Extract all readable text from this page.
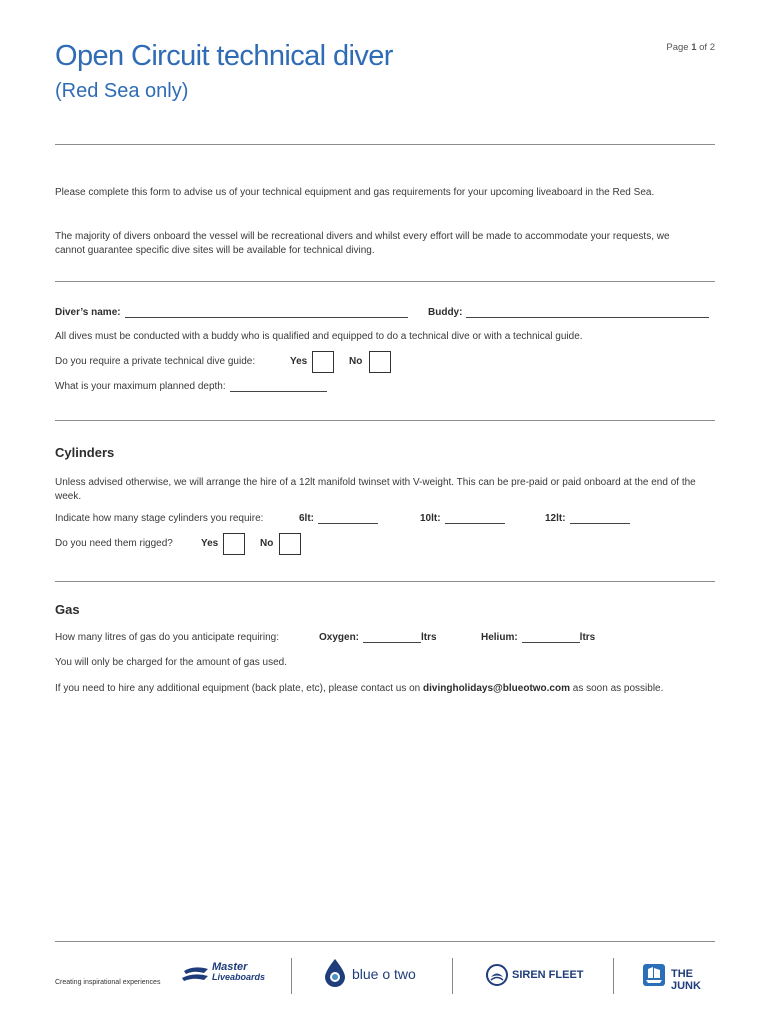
Open Circuit technical diver
(Red Sea only)
Page 1 of 2
Please complete this form to advise us of your technical equipment and gas requirements for your upcoming liveaboard in the Red Sea.
The majority of divers onboard the vessel will be recreational divers and whilst every effort will be made to accommodate your requests, we cannot guarantee specific dive sites will be available for technical diving.
Diver’s name:	Buddy:
All dives must be conducted with a buddy who is qualified and equipped to do a technical dive or with a technical guide.
Do you require a private technical dive guide:	Yes	No
What is your maximum planned depth:
Cylinders
Unless advised otherwise, we will arrange the hire of a 12lt manifold twinset with V-weight. This can be pre-paid or paid onboard at the end of the week.
Indicate how many stage cylinders you require:	6lt:	10lt:	12lt:
Do you need them rigged?	Yes	No
Gas
How many litres of gas do you anticipate requiring:	Oxygen:	ltrs	Helium:	ltrs
You will only be charged for the amount of gas used.
If you need to hire any additional equipment (back plate, etc), please contact us on divingholidays@blueotwo.com as soon as possible.
Creating inspirational experiences
Master
Liveaboards	blue o two	SIREN FLEET	THE JUNK
